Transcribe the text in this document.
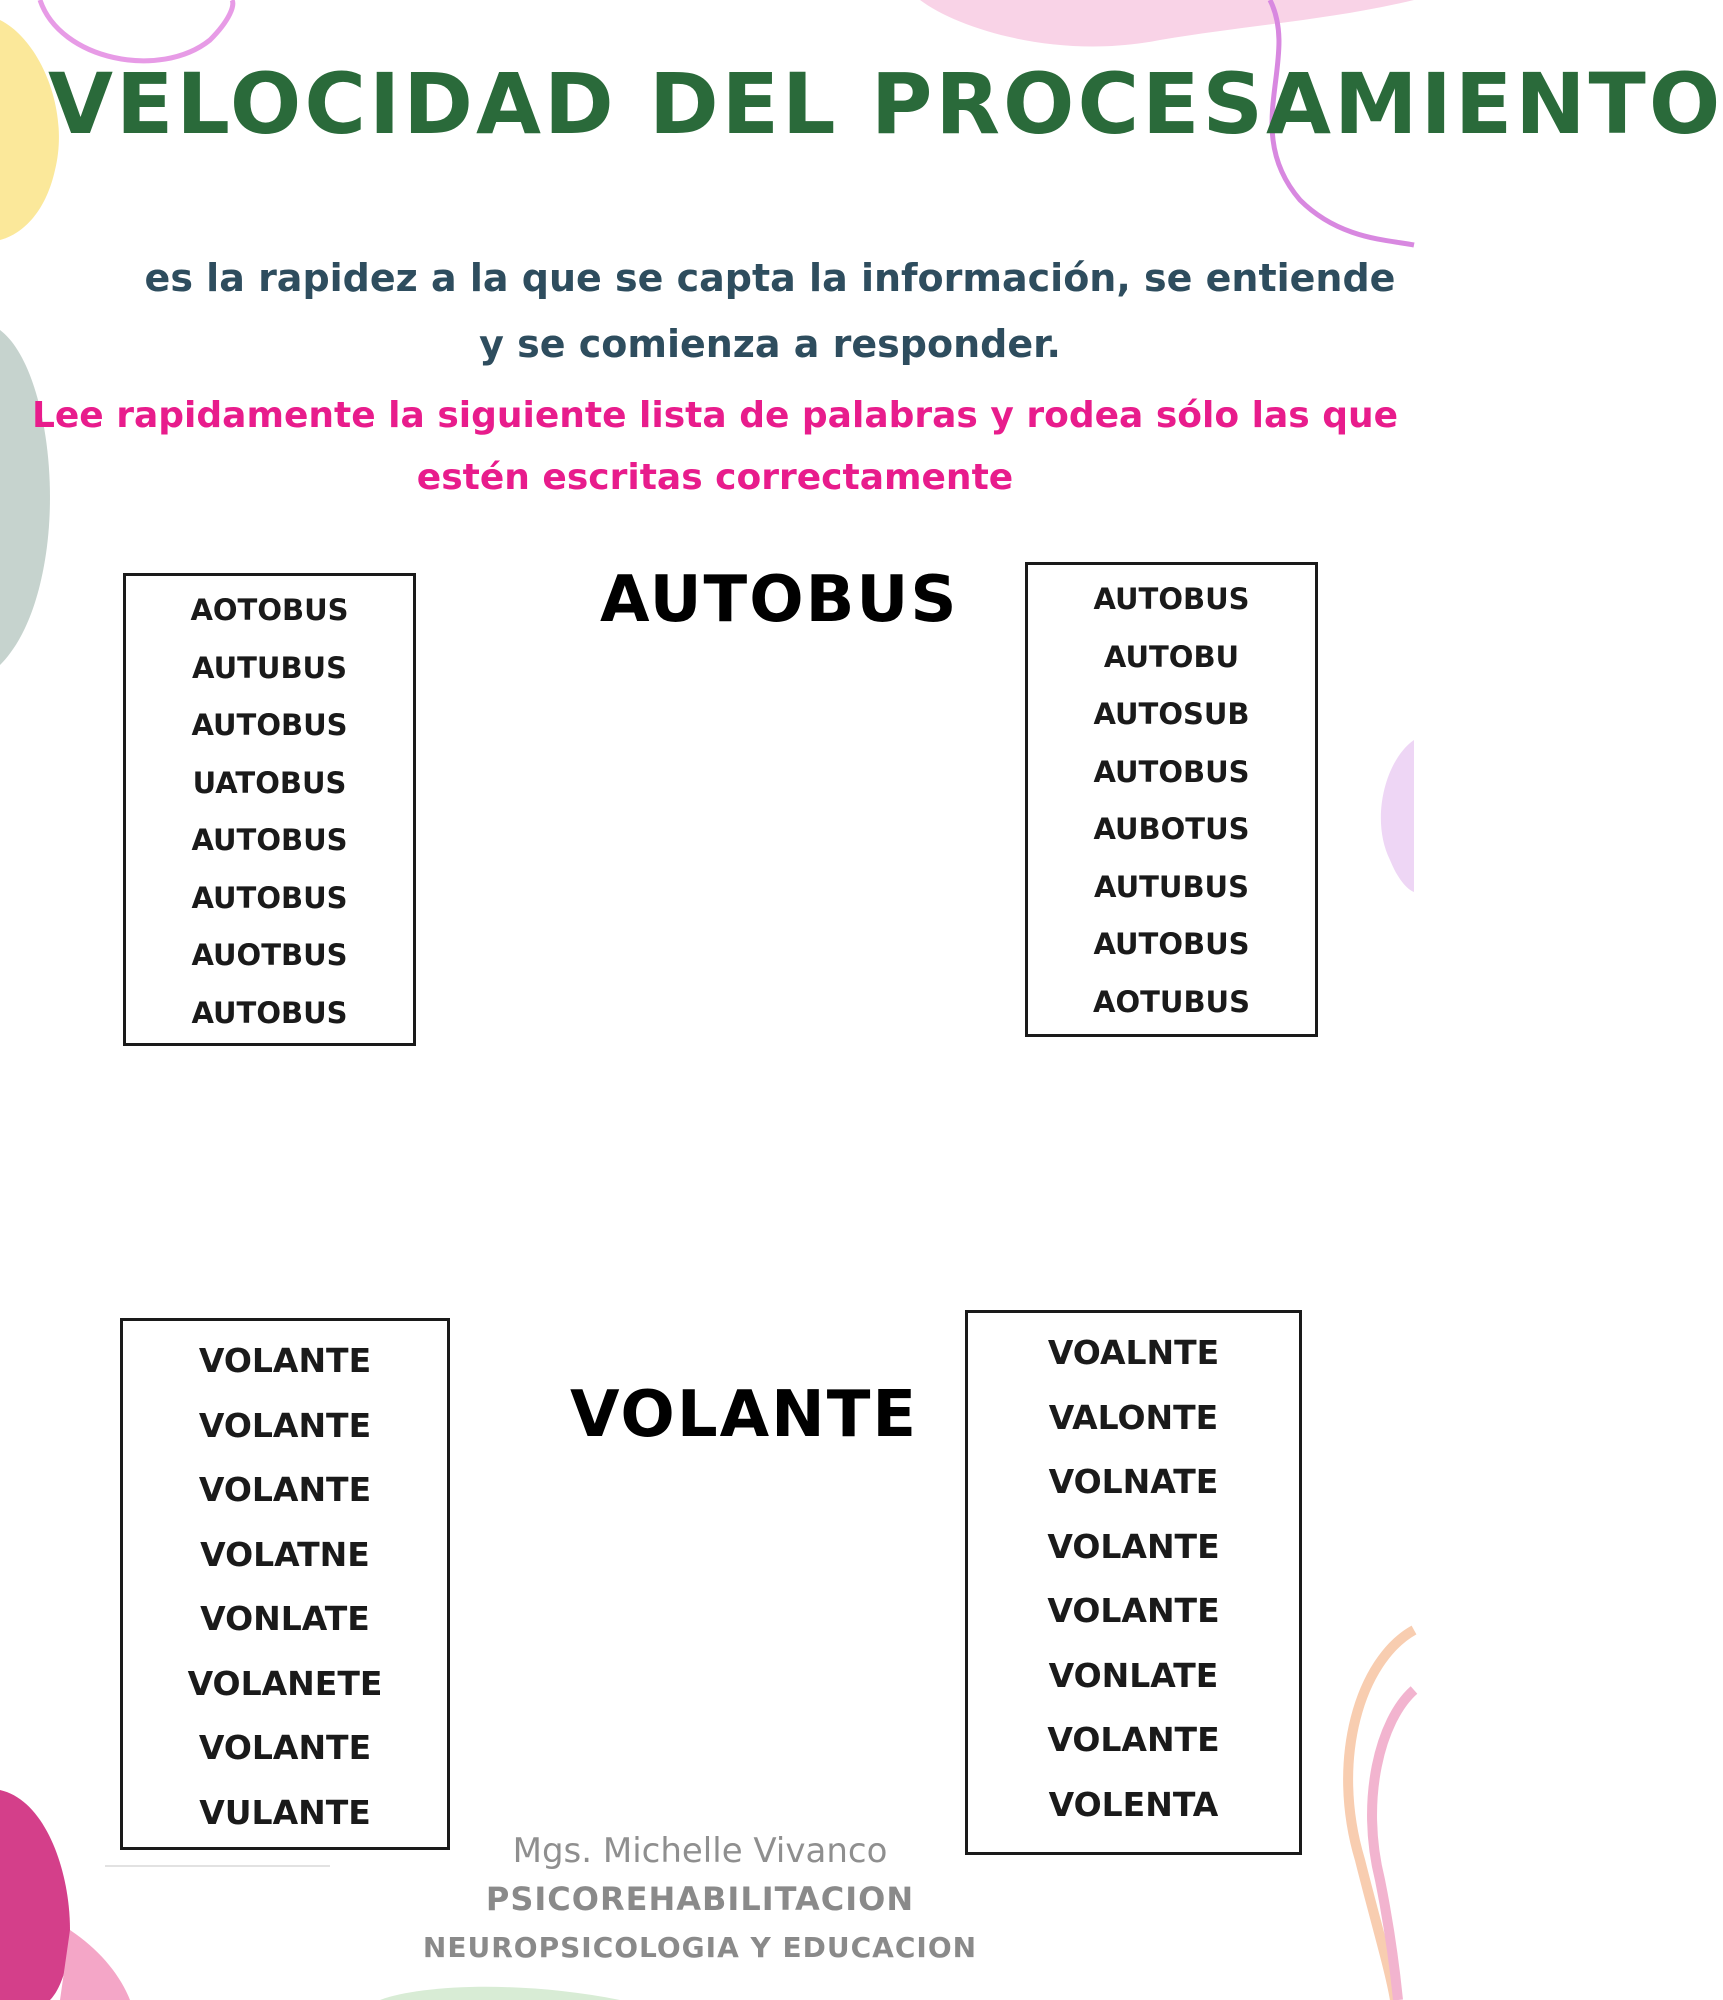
VELOCIDAD DEL PROCESAMIENTO
es la rapidez a la que se capta la información, se entiende
y se comienza a responder.
Lee rapidamente la siguiente lista de palabras y rodea sólo las que
estén escritas correctamente
AOTOBUS
AUTUBUS
AUTOBUS
UATOBUS
AUTOBUS
AUTOBUS
AUOTBUS
AUTOBUS
AUTOBUS	AUTOBUS
AUTOBU
AUTOSUB
AUTOBUS
AUBOTUS
AUTUBUS
AUTOBUS
AOTUBUS
VOLANTE
VOLANTE
VOLANTE
VOLATNE
VONLATE
VOLANETE
VOLANTE
VULANTE
VOLANTE
VOALNTE
VALONTE
VOLNATE
VOLANTE
VOLANTE
VONLATE
VOLANTE
VOLENTA
Mgs. Michelle Vivanco
PSICOREHABILITACION
NEUROPSICOLOGIA Y EDUCACION
